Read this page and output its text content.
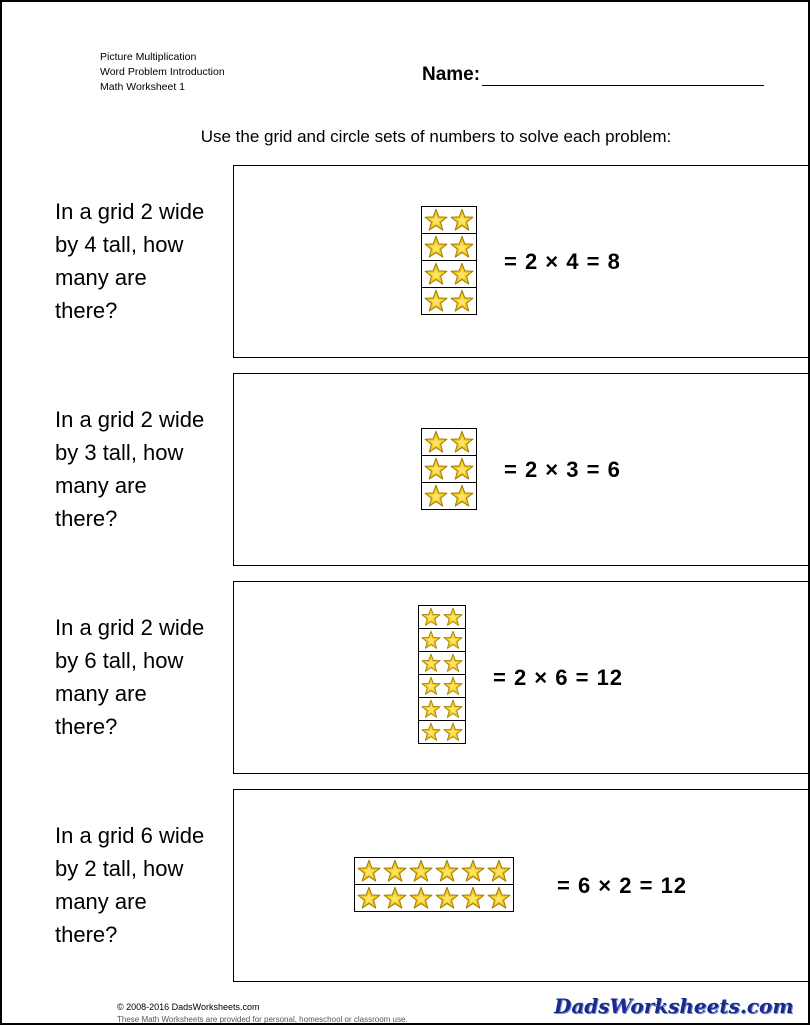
Picture Multiplication
Word Problem Introduction
Math Worksheet 1
Name:
Use the grid and circle sets of numbers to solve each problem:
In a grid 2 wide
by 4 tall, how
many are
there?
= 2 × 4 = 8
In a grid 2 wide
by 3 tall, how
many are
there?
= 2 × 3 = 6
In a grid 2 wide
by 6 tall, how
many are
there?
= 2 × 6 = 12
In a grid 6 wide
by 2 tall, how
many are
there?
= 6 × 2 = 12
© 2008-2016 DadsWorksheets.com
These Math Worksheets are provided for personal, homeschool or classroom use.
DadsWorksheets.com
